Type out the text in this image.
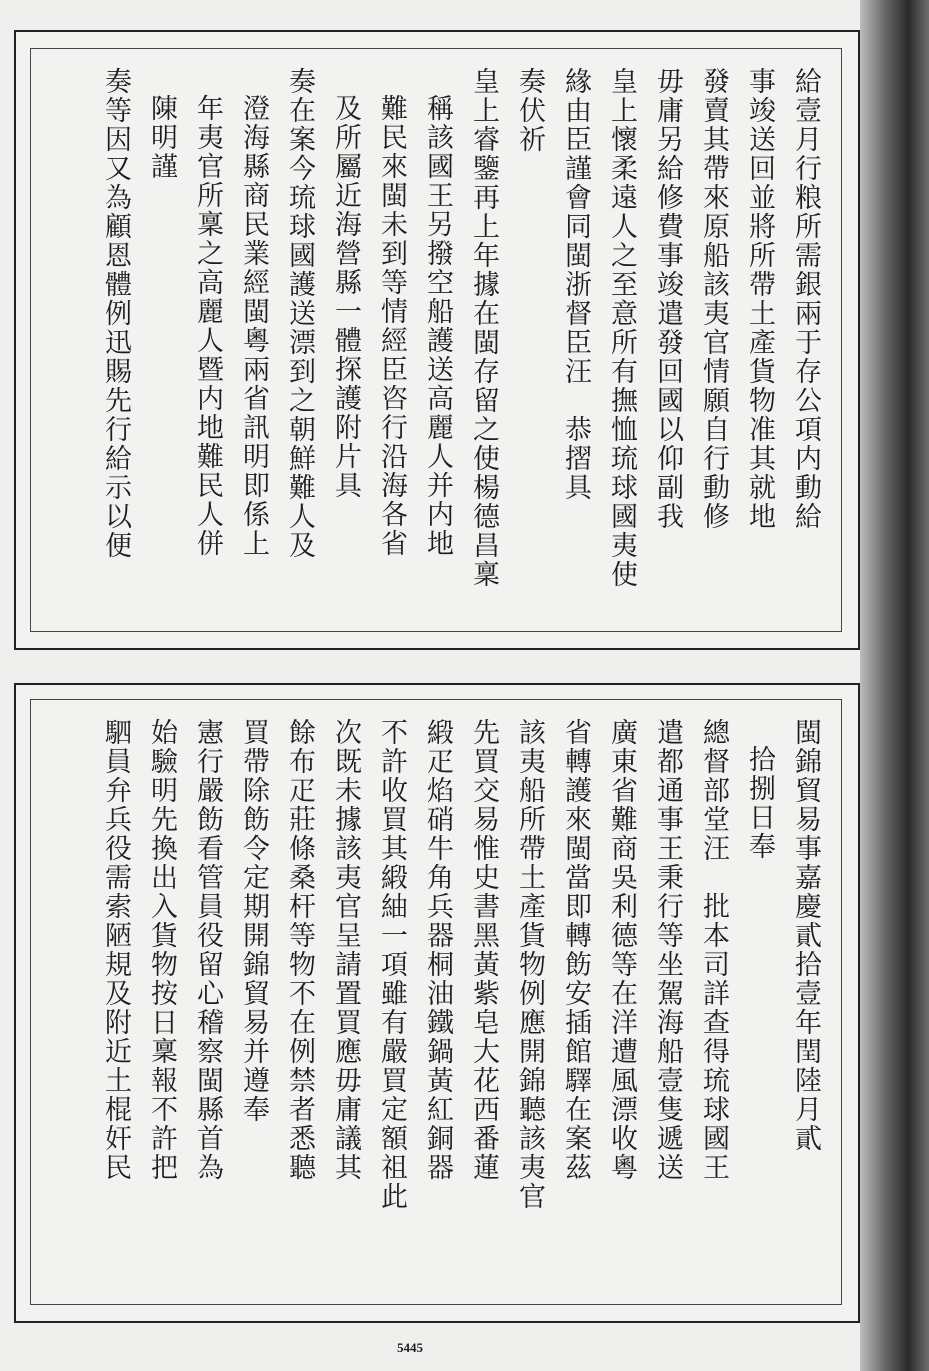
給壹月行粮所需銀兩于存公項内動給
事竣送回並將所帶土產貨物准其就地
發賣其帶來原船該夷官情願自行動修
毋庸另給修費事竣遣發回國以仰副我
皇上懷柔遠人之至意所有撫恤琉球國夷使
緣由臣謹會同閩浙督臣汪　恭摺具
奏伏祈
皇上睿鑒再上年據在閩存留之使楊德昌稟
稱該國王另撥空船護送高麗人并内地
難民來閩未到等情經臣咨行沿海各省
及所屬近海營縣一體探護附片具
奏在案今琉球國護送漂到之朝鮮難人及
澄海縣商民業經閩粵兩省訊明即係上
年夷官所稟之高麗人暨内地難民人併
陳明謹
奏等因又為顧恩體例迅賜先行給示以便
閩錦貿易事嘉慶貳拾壹年閏陸月貳
拾捌日奉
總督部堂汪　批本司詳查得琉球國王
遣都通事王秉行等坐駕海船壹隻遞送
廣東省難商吳利德等在洋遭風漂收粵
省轉護來閩當即轉飭安插館驛在案茲
該夷船所帶土產貨物例應開錦聽該夷官
先買交易惟史書黑黃紫皂大花西番蓮
緞疋焰硝牛角兵器桐油鐵鍋黃紅銅器
不許收買其緞紬一項雖有嚴買定額祖此
次既未據該夷官呈請置買應毋庸議其
餘布疋莊條桑杆等物不在例禁者悉聽
買帶除飭令定期開錦貿易并遵奉
憲行嚴飭看管員役留心稽察閩縣首為
始驗明先換出入貨物按日稟報不許把
駟員弁兵役需索陋規及附近土棍奸民
5445
